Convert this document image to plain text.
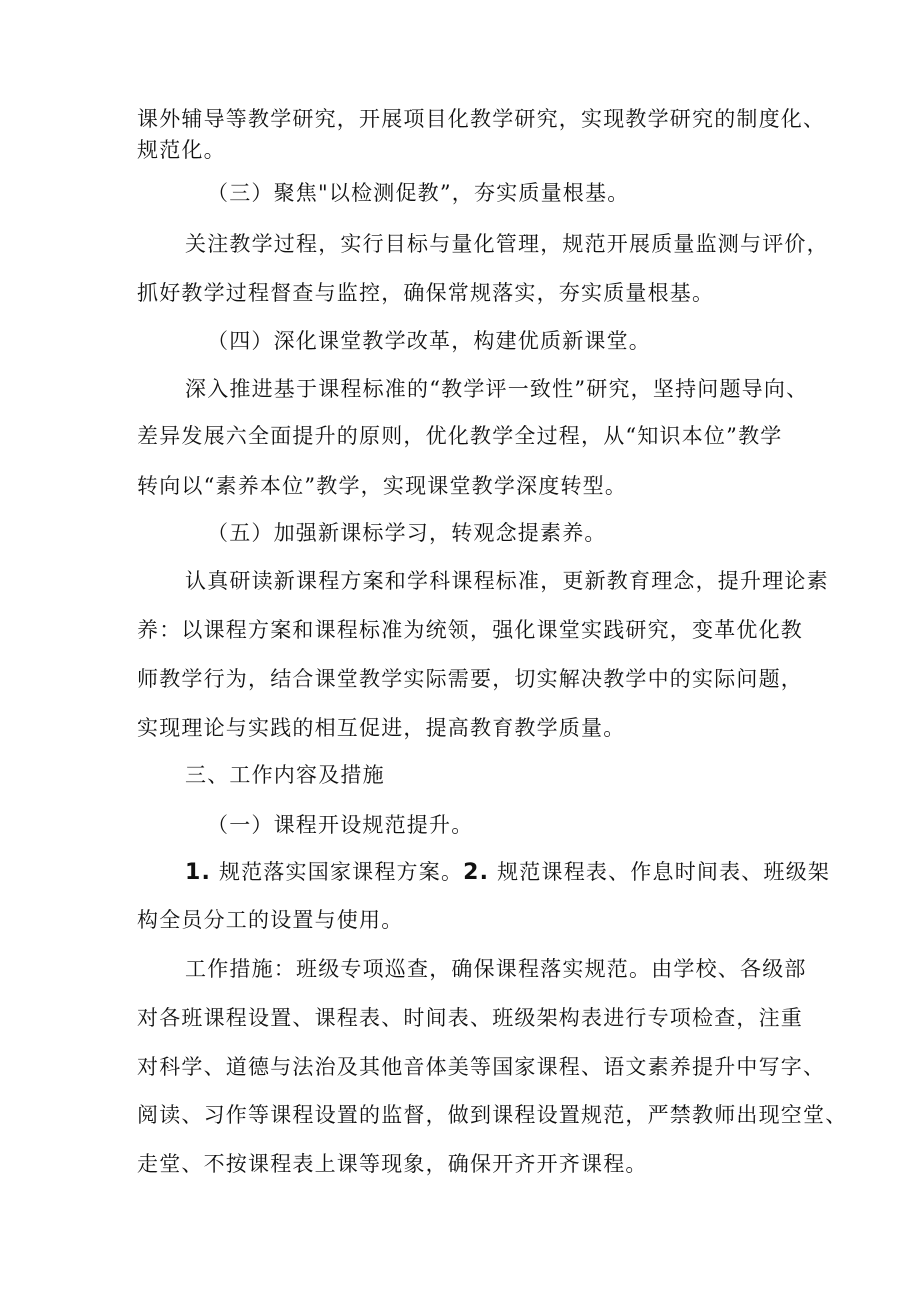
课外辅导等教学研究，开展项目化教学研究，实现教学研究的制度化、
规范化。
（三）聚焦"以检测促教”，夯实质量根基。
关注教学过程，实行目标与量化管理，规范开展质量监测与评价，
抓好教学过程督查与监控，确保常规落实，夯实质量根基。
（四）深化课堂教学改革，构建优质新课堂。
深入推进基于课程标准的“教学评一致性”研究，坚持问题导向、
差异发展六全面提升的原则，优化教学全过程，从“知识本位”教学
转向以“素养本位”教学，实现课堂教学深度转型。
（五）加强新课标学习，转观念提素养。
认真研读新课程方案和学科课程标准，更新教育理念，提升理论素
养：以课程方案和课程标准为统领，强化课堂实践研究，变革优化教
师教学行为，结合课堂教学实际需要，切实解决教学中的实际问题，
实现理论与实践的相互促进，提高教育教学质量。
三、工作内容及措施
（一）课程开设规范提升。
1. 规范落实国家课程方案。2. 规范课程表、作息时间表、班级架
构全员分工的设置与使用。
工作措施：班级专项巡查，确保课程落实规范。由学校、各级部
对各班课程设置、课程表、时间表、班级架构表进行专项检查，注重
对科学、道德与法治及其他音体美等国家课程、语文素养提升中写字、
阅读、习作等课程设置的监督，做到课程设置规范，严禁教师出现空堂、
走堂、不按课程表上课等现象，确保开齐开齐课程。
